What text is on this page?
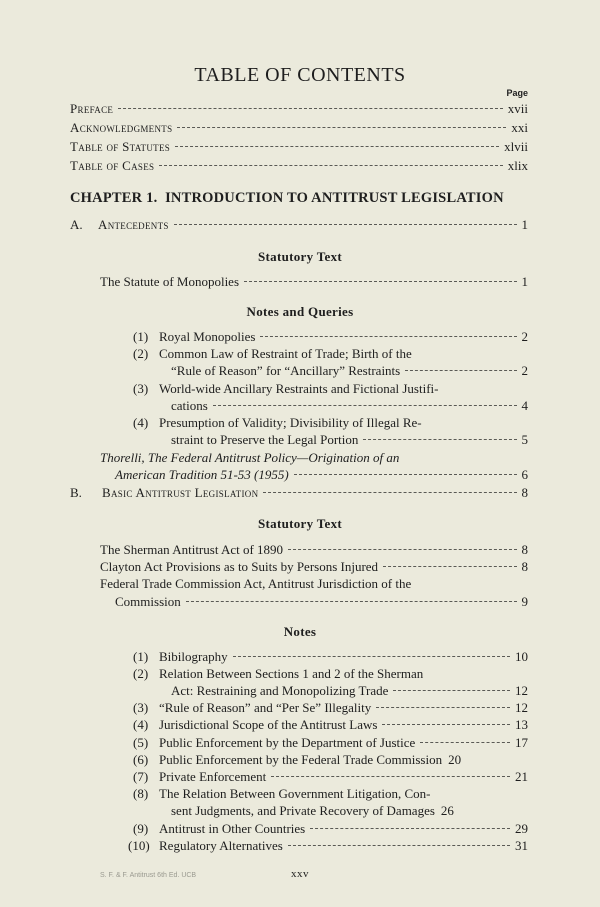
TABLE OF CONTENTS
Page
Preface	xvii
Acknowledgments	xxi
Table of Statutes	xlvii
Table of Cases	xlix
CHAPTER 1. INTRODUCTION TO ANTITRUST LEGISLATION
A.	Antecedents	1
Statutory Text
The Statute of Monopolies	1
Notes and Queries
(1) Royal Monopolies	2
(2) Common Law of Restraint of Trade; Birth of the
“Rule of Reason” for “Ancillary” Restraints	2
(3) World-wide Ancillary Restraints and Fictional Justifi-
cations	4
(4) Presumption of Validity; Divisibility of Illegal Re-
straint to Preserve the Legal Portion	5
Thorelli, The Federal Antitrust Policy—Origination of an
American Tradition 51-53 (1955)	6
B.	Basic Antitrust Legislation	8
Statutory Text
The Sherman Antitrust Act of 1890	8
Clayton Act Provisions as to Suits by Persons Injured	8
Federal Trade Commission Act, Antitrust Jurisdiction of the
Commission	9
Notes
(1) Bibilography	10
(2) Relation Between Sections 1 and 2 of the Sherman
Act: Restraining and Monopolizing Trade	12
(3) “Rule of Reason” and “Per Se” Illegality	12
(4) Jurisdictional Scope of the Antitrust Laws	13
(5) Public Enforcement by the Department of Justice	17
(6) Public Enforcement by the Federal Trade Commission 20
(7) Private Enforcement	21
(8) The Relation Between Government Litigation, Con-
sent Judgments, and Private Recovery of Damages 26
(9) Antitrust in Other Countries	29
(10) Regulatory Alternatives	31
S. F. & F. Antitrust 6th Ed. UCB	xxv
